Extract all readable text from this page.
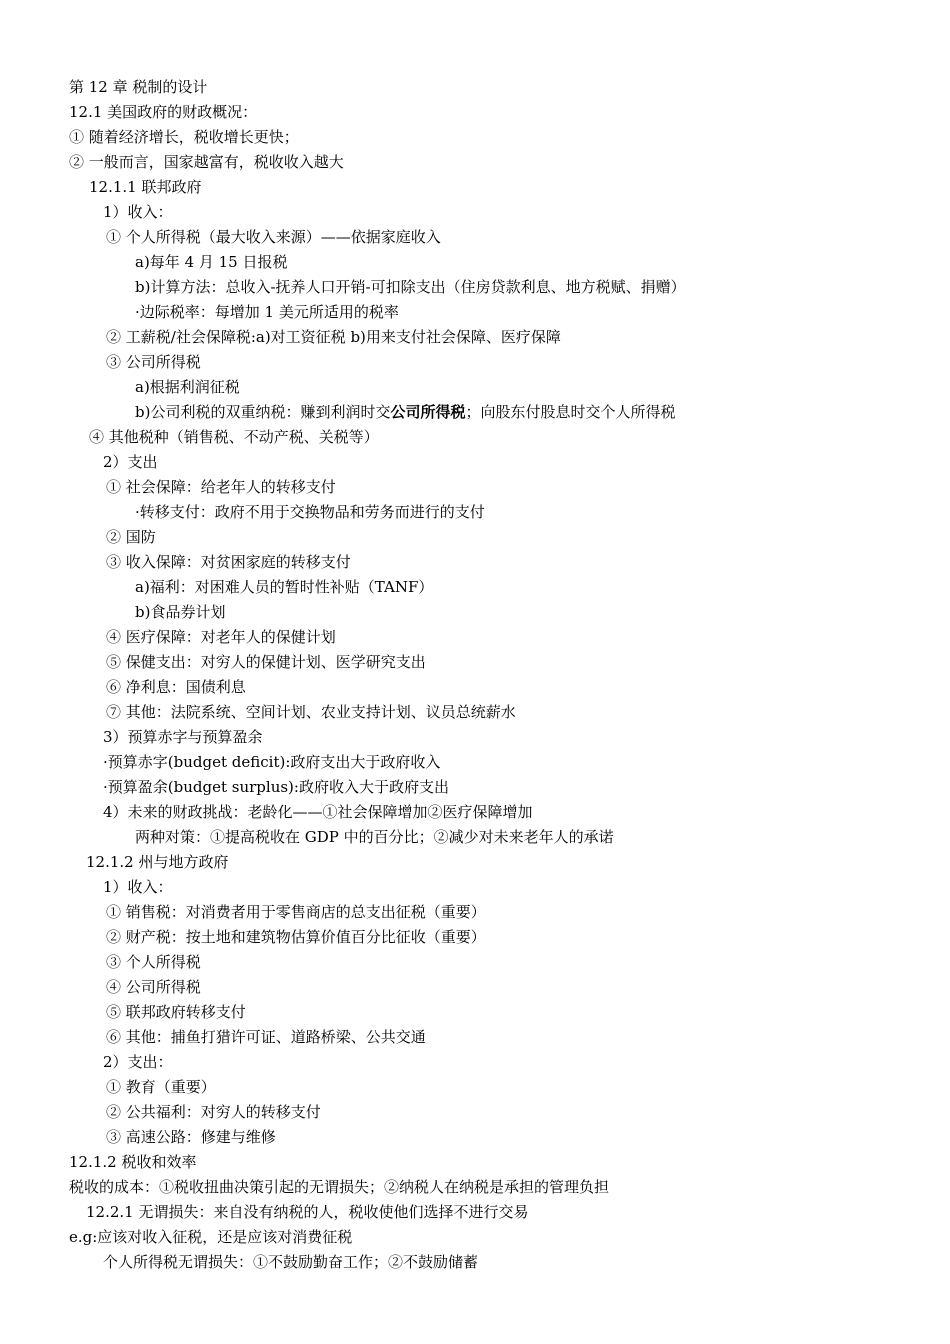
第 12 章 税制的设计

12.1 美国政府的财政概况：

① 随着经济增长，税收增长更快；

② 一般而言，国家越富有，税收收入越大

12.1.1 联邦政府

1）收入：

① 个人所得税（最大收入来源）——依据家庭收入

a)每年 4 月 15 日报税

b)计算方法：总收入-抚养人口开销-可扣除支出（住房贷款利息、地方税赋、捐赠）

·边际税率：每增加 1 美元所适用的税率

② 工薪税/社会保障税:a)对工资征税 b)用来支付社会保障、医疗保障

③ 公司所得税

a)根据利润征税

b)公司利税的双重纳税：赚到利润时交公司所得税；向股东付股息时交个人所得税

④ 其他税种（销售税、不动产税、关税等）

2）支出

① 社会保障：给老年人的转移支付

·转移支付：政府不用于交换物品和劳务而进行的支付

② 国防

③ 收入保障：对贫困家庭的转移支付

a)福利：对困难人员的暂时性补贴（TANF）

b)食品券计划

④ 医疗保障：对老年人的保健计划

⑤ 保健支出：对穷人的保健计划、医学研究支出

⑥ 净利息：国债利息

⑦ 其他：法院系统、空间计划、农业支持计划、议员总统薪水

3）预算赤字与预算盈余

·预算赤字(budget deficit):政府支出大于政府收入

·预算盈余(budget surplus):政府收入大于政府支出

4）未来的财政挑战：老龄化——①社会保障增加②医疗保障增加

两种对策：①提高税收在 GDP 中的百分比；②减少对未来老年人的承诺

12.1.2 州与地方政府

1）收入：

① 销售税：对消费者用于零售商店的总支出征税（重要）

② 财产税：按土地和建筑物估算价值百分比征收（重要）

③ 个人所得税

④ 公司所得税

⑤ 联邦政府转移支付

⑥ 其他：捕鱼打猎许可证、道路桥梁、公共交通

2）支出：

① 教育（重要）

② 公共福利：对穷人的转移支付

③ 高速公路：修建与维修

12.1.2 税收和效率

税收的成本：①税收扭曲决策引起的无谓损失；②纳税人在纳税是承担的管理负担

12.2.1 无谓损失：来自没有纳税的人，税收使他们选择不进行交易

e.g:应该对收入征税，还是应该对消费征税

个人所得税无谓损失：①不鼓励勤奋工作；②不鼓励储蓄
